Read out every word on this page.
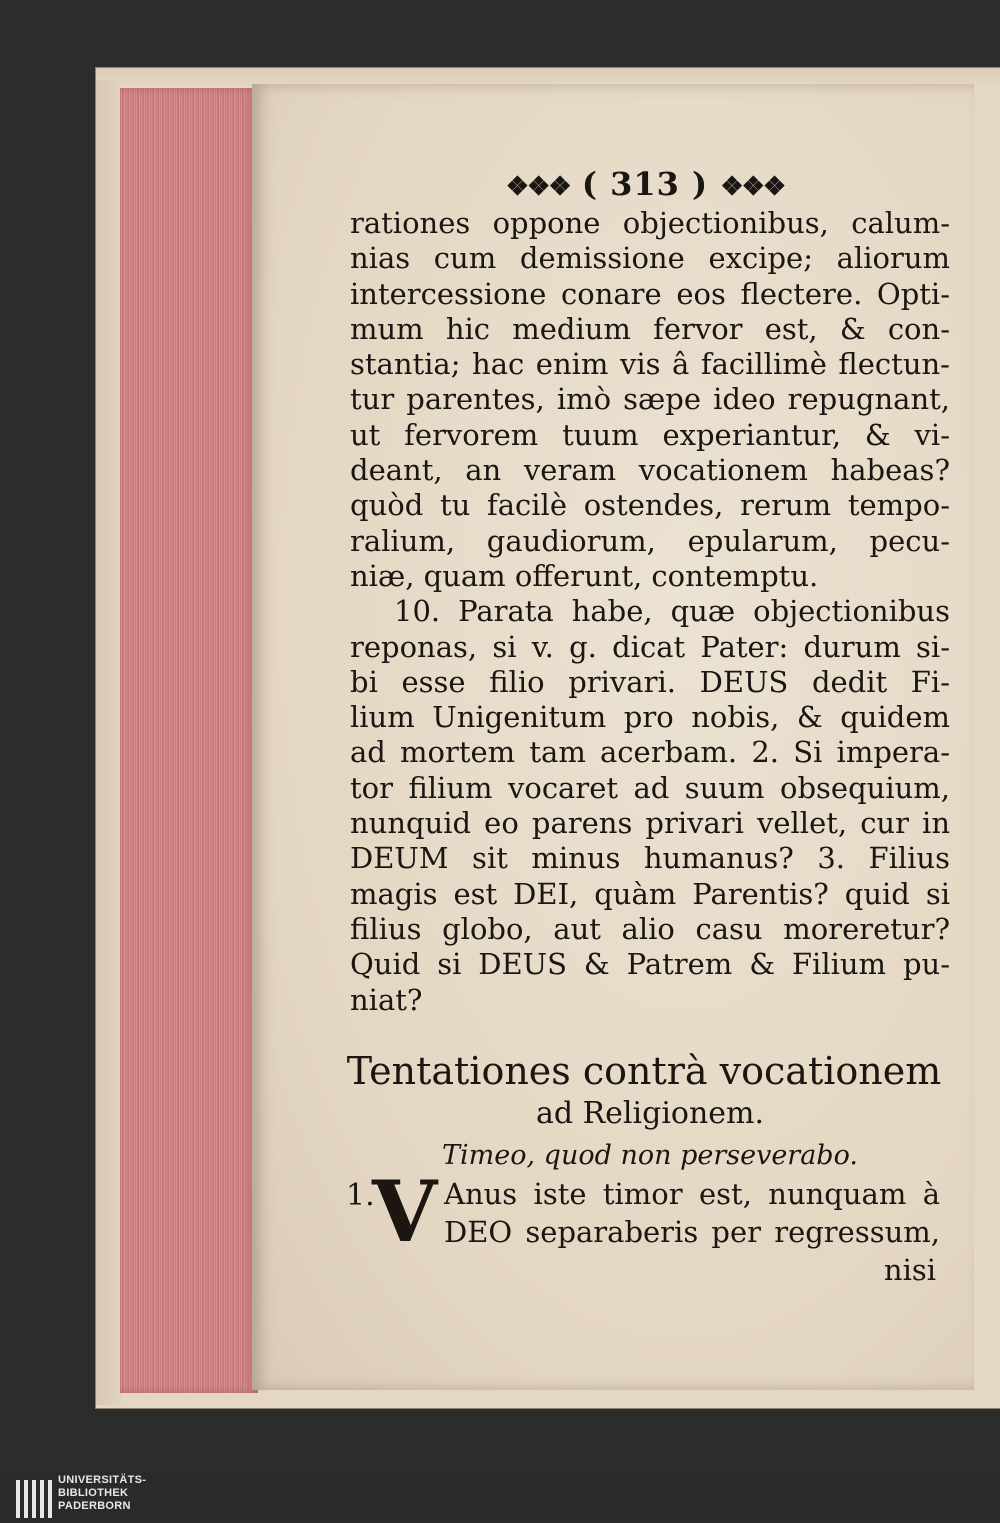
❖❖❖ ( 313 ) ❖❖❖
rationes oppone objectionibus, calum-
nias cum demissione excipe; aliorum
intercessione conare eos flectere. Opti-
mum hic medium fervor est, & con-
stantia; hac enim vis â facillimè flectun-
tur parentes, imò sæpe ideo repugnant,
ut fervorem tuum experiantur, & vi-
deant, an veram vocationem habeas?
quòd tu facilè ostendes, rerum tempo-
ralium, gaudiorum, epularum, pecu-
niæ, quam offerunt, contemptu.
10. Parata habe, quæ objectionibus
reponas, si v. g. dicat Pater: durum si-
bi esse filio privari. DEUS dedit Fi-
lium Unigenitum pro nobis, & quidem
ad mortem tam acerbam. 2. Si impera-
tor filium vocaret ad suum obsequium,
nunquid eo parens privari vellet, cur in
DEUM sit minus humanus? 3. Filius
magis est DEI, quàm Parentis? quid si
filius globo, aut alio casu moreretur?
Quid si DEUS & Patrem & Filium pu-
niat?
Tentationes contrà vocationem
ad Religionem.
Timeo, quod non perseverabo.
1.
V Anus iste timor est, nunquam à
DEO separaberis per regressum,
nisi
UNIVERSITÄTS-
BIBLIOTHEK
PADERBORN
